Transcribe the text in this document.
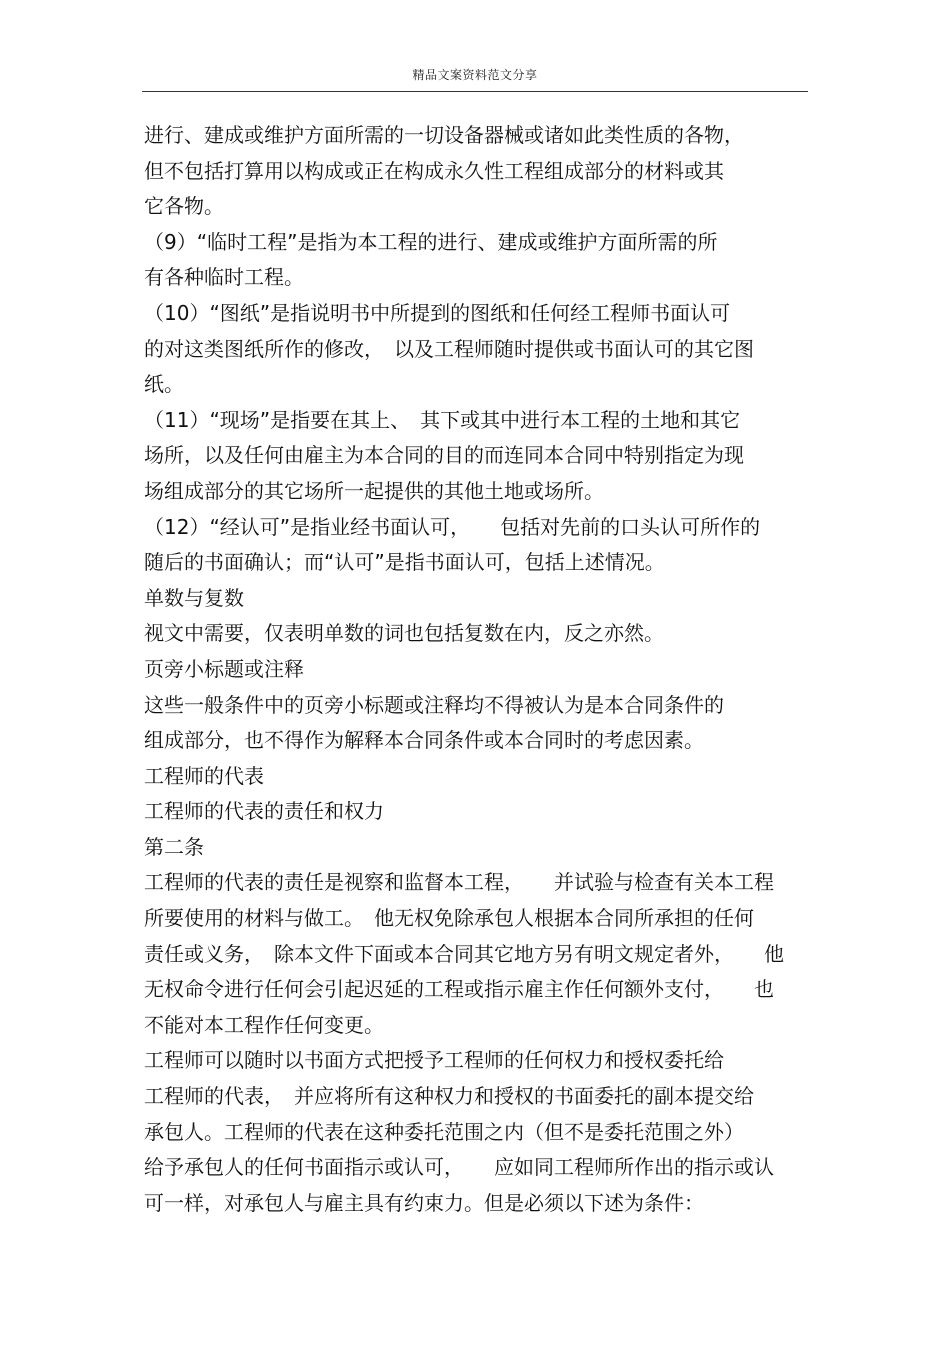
精品文案资料范文分享
进行、建成或维护方面所需的一切设备器械或诸如此类性质的各物，
但不包括打算用以构成或正在构成永久性工程组成部分的材料或其
它各物。
（9）“临时工程”是指为本工程的进行、建成或维护方面所需的所
有各种临时工程。
（10）“图纸”是指说明书中所提到的图纸和任何经工程师书面认可
的对这类图纸所作的修改，　以及工程师随时提供或书面认可的其它图
纸。
（11）“现场”是指要在其上、　其下或其中进行本工程的土地和其它
场所，以及任何由雇主为本合同的目的而连同本合同中特别指定为现
场组成部分的其它场所一起提供的其他土地或场所。
（12）“经认可”是指业经书面认可，　　包括对先前的口头认可所作的
随后的书面确认；而“认可”是指书面认可，包括上述情况。
单数与复数
视文中需要，仅表明单数的词也包括复数在内，反之亦然。
页旁小标题或注释
这些一般条件中的页旁小标题或注释均不得被认为是本合同条件的
组成部分，也不得作为解释本合同条件或本合同时的考虑因素。
工程师的代表
工程师的代表的责任和权力
第二条
工程师的代表的责任是视察和监督本工程，　　并试验与检查有关本工程
所要使用的材料与做工。　他无权免除承包人根据本合同所承担的任何
责任或义务，　除本文件下面或本合同其它地方另有明文规定者外，　　他
无权命令进行任何会引起迟延的工程或指示雇主作任何额外支付，　　也
不能对本工程作任何变更。
工程师可以随时以书面方式把授予工程师的任何权力和授权委托给
工程师的代表，　并应将所有这种权力和授权的书面委托的副本提交给
承包人。工程师的代表在这种委托范围之内（但不是委托范围之外）
给予承包人的任何书面指示或认可，　　应如同工程师所作出的指示或认
可一样，对承包人与雇主具有约束力。但是必须以下述为条件：
